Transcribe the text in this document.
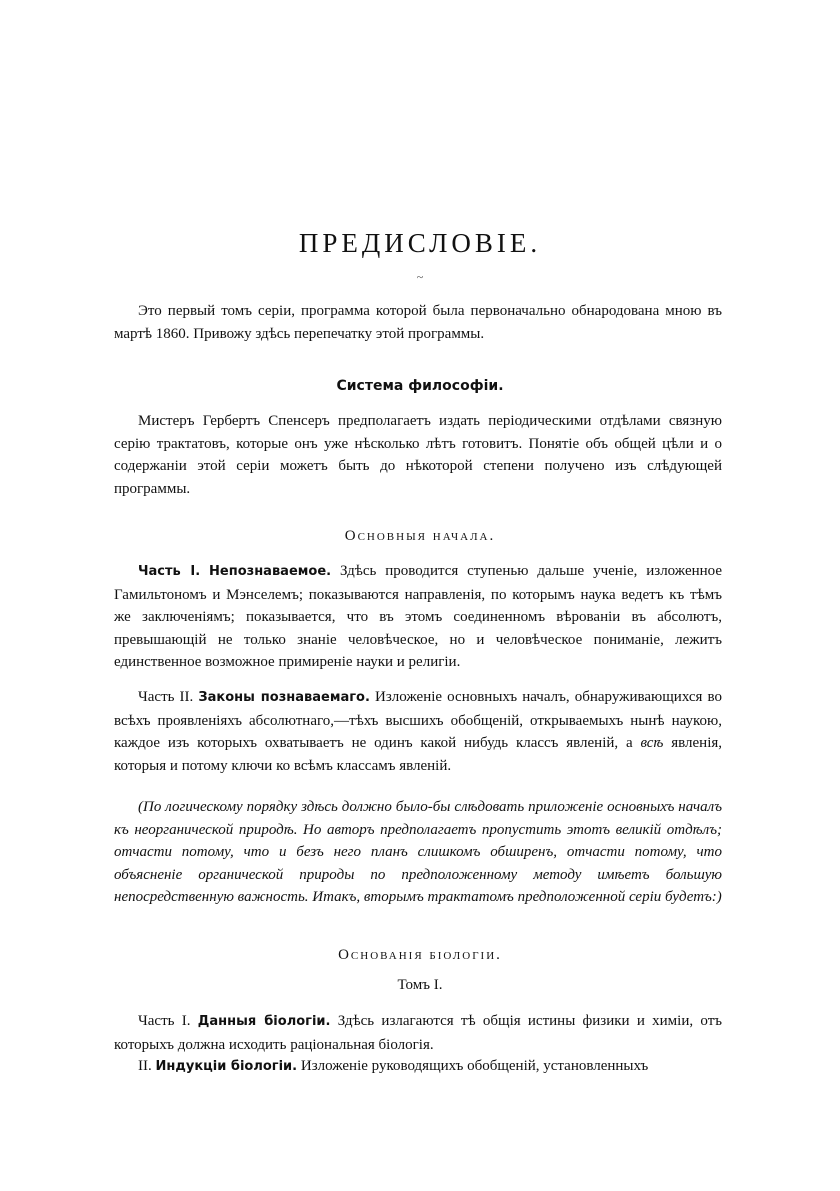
ПРЕДИСЛОВІЕ.
~

Это первый томъ серіи, программа которой была первоначально обнародована мною въ мартѣ 1860. Привожу здѣсь перепечатку этой программы.

Система философіи.

Мистеръ Гербертъ Спенсеръ предполагаетъ издать періодическими отдѣлами связную серію трактатовъ, которые онъ уже нѣсколько лѣтъ готовитъ. Понятіе объ общей цѣли и о содержаніи этой серіи можетъ быть до нѣкоторой степени получено изъ слѣдующей программы.

Основныя начала.

Часть I. Непознаваемое. Здѣсь проводится ступенью дальше ученіе, изложенное Гамильтономъ и Мэнселемъ; показываются направленія, по которымъ наука ведетъ къ тѣмъ же заключеніямъ; показывается, что въ этомъ соединенномъ вѣрованіи въ абсолютъ, превышающій не только знаніе человѣческое, но и человѣческое пониманіе, лежитъ единственное возможное примиреніе науки и религіи.

Часть II. Законы познаваемаго. Изложеніе основныхъ началъ, обнаруживающихся во всѣхъ проявленіяхъ абсолютнаго,—тѣхъ высшихъ обобщеній, открываемыхъ нынѣ наукою, каждое изъ которыхъ охватываетъ не одинъ какой нибудь классъ явленій, а всѣ явленія, которыя и потому ключи ко всѣмъ классамъ явленій.

(По логическому порядку здѣсь должно было-бы слѣдовать приложеніе основныхъ началъ къ неорганической природѣ. Но авторъ предполагаетъ пропустить этотъ великій отдѣлъ; отчасти потому, что и безъ него планъ слишкомъ обширенъ, отчасти потому, что объясненіе органической природы по предположенному методу имѣетъ большую непосредственную важность. Итакъ, вторымъ трактатомъ предположенной серіи будетъ:)

Основанія біологіи.
Томъ I.

Часть I. Данныя біологіи. Здѣсь излагаются тѣ общія истины физики и химіи, отъ которыхъ должна исходить раціональная біологія.

II. Индукціи біологіи. Изложеніе руководящихъ обобщеній, установленныхъ
